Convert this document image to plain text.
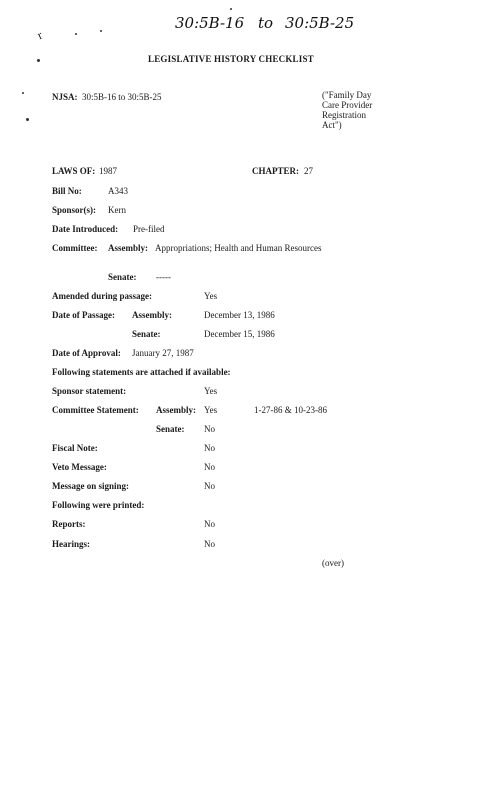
r
30:5B-16 to 30:5B-25
LEGISLATIVE HISTORY CHECKLIST
NJSA: 30:5B-16 to 30:5B-25	("Family Day
Care Provider
Registration
Act")
LAWS OF: 1987	CHAPTER: 27
Bill No:	A343
Sponsor(s): Kern
Date Introduced: Pre-filed
Committee: Assembly: Appropriations; Health and Human Resources
Senate: -----
Amended during passage:	Yes
Date of Passage: Assembly:	December 13, 1986
Senate:	December 15, 1986
Date of Approval: January 27, 1987
Following statements are attached if available:
Sponsor statement:	Yes
Committee Statement: Assembly: Yes	1-27-86 & 10-23-86
Senate: No
Fiscal Note:	No
Veto Message:	No
Message on signing:	No
Following were printed:
Reports:	No
Hearings:	No
(over)
